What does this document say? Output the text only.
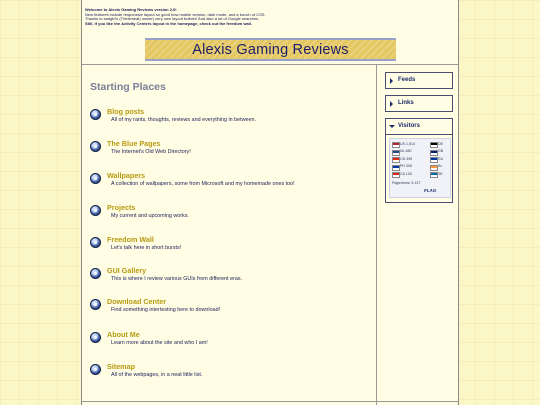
Welcome to Alexis Gaming Reviews version 2.0!
New features include responsive layout so good how mobile version, dark mode, and a bunch of CSS.
Thanks to sadgirl's (Thinkmeat) owner) very own layout builder! And also a lot of Google searches.
Still, if you like the Activity Centers layout in the homepage, check out the freedom wall.
Alexis Gaming Reviews
Starting Places
Blog posts
All of my rants, thoughts, reviews and everything in between.
The Blue Pages
The Internet's Old Web Directory!
Wallpapers
A collection of wallpapers, some from Microsoft and my homemade ones too!
Projects
My current and upcoming works.
Freedom Wall
Let's talk here in short bursts!
GUI Gallery
This is where I review various GUIs from different eras.
Download Center
Find something intertesting here to download!
About Me
Learn more about the site and who I am!
Sitemap
All of the webpages, in a neat little list.
Feeds
Links
Visitors
US 1,514
NL 480
CN 395
PH 306
CA 126
DE
GB
RU
IN
SE
Pageviews: 5,127
FLAG
